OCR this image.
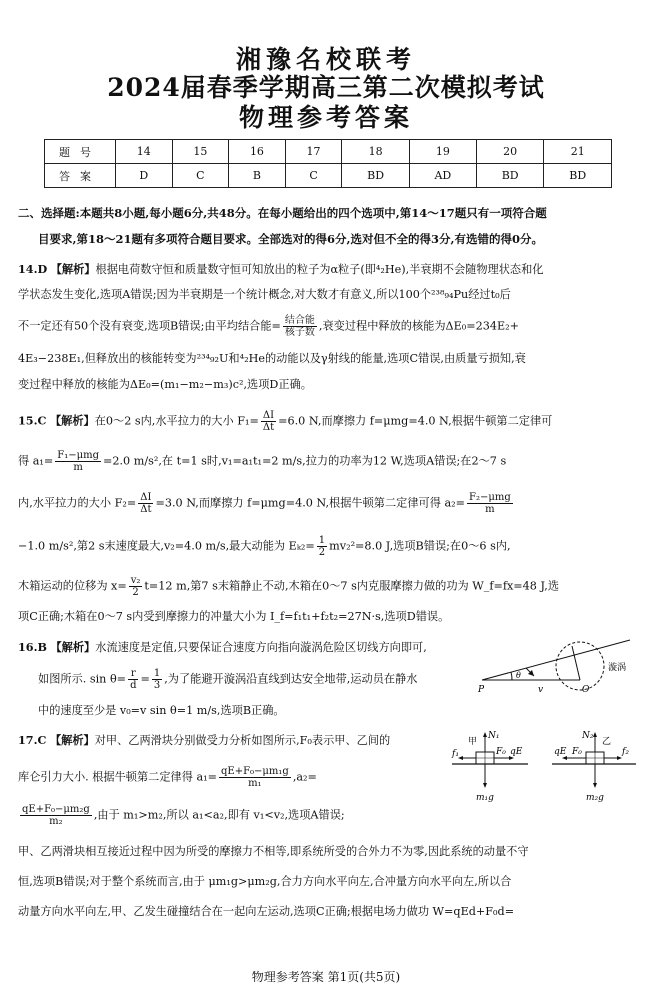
湘豫名校联考
2024届春季学期高三第二次模拟考试
物理参考答案
题号	14	15	16	17	18	19	20	21
答案	D	C	B	C	BD	AD	BD	BD
二、选择题:本题共8小题,每小题6分,共48分。在每小题给出的四个选项中,第14～17题只有一项符合题
目要求,第18～21题有多项符合题目要求。全部选对的得6分,选对但不全的得3分,有选错的得0分。
14.D 【解析】根据电荷数守恒和质量数守恒可知放出的粒子为α粒子(即⁴₂He),半衰期不会随物理状态和化
学状态发生变化,选项A错误;因为半衰期是一个统计概念,对大数才有意义,所以100个²³⁸₉₄Pu经过t₀后
不一定还有50个没有衰变,选项B错误;由平均结合能= $\frac{\text{结合能}}{\text{核子数}}$ ,衰变过程中释放的核能为ΔE₀=234E₂+
4E₃−238E₁,但释放出的核能转变为²³⁴₉₂U和⁴₂He的动能以及γ射线的能量,选项C错误,由质量亏损知,衰
变过程中释放的核能为ΔE₀=(m₁−m₂−m₃)c²,选项D正确。
15.C 【解析】在0～2 s内,水平拉力的大小 $F_1= \frac{\Delta I}{\Delta t} =6.0$ N,而摩擦力 f=μmg=4.0 N,根据牛顿第二定律可
得 $a_1= \frac{\text{F₁−μmg}}{m} =2.0$ m/s²,在 t=1 s时,v₁=a₁t₁=2 m/s,拉力的功率为12 W,选项A错误;在2～7 s
内,水平拉力的大小 $F_2= \frac{\Delta I}{\Delta t} =3.0$ N,而摩擦力 f=μmg=4.0 N,根据牛顿第二定律可得 $a_2= \frac{\text{F₂−μmg}}{m}$
−1.0 m/s²,第2 s末速度最大,v₂=4.0 m/s,最大动能为 $E_{k2}= \frac{1}{2} mv_2^2=8.0$ J,选项B错误;在0～6 s内,
木箱运动的位移为 $x= \frac{\text{v₂}}{2} t=12$ m,第7 s末箱静止不动,木箱在0～7 s内克服摩擦力做的功为 W_f=fx=48 J,选
项C正确;木箱在0～7 s内受到摩擦力的冲量大小为 I_f=f₁t₁+f₂t₂=27N·s,选项D错误。
16.B 【解析】水流速度是定值,只要保证合速度方向指向漩涡危险区切线方向即可,
如图所示. $\sin \theta= \frac{r}{d} = \frac{1}{3}$ ,为了能避开漩涡沿直线到达安全地带,运动员在静水
中的速度至少是 v₀=v sin θ=1 m/s,选项B正确。
P
θ
v	O
漩涡
17.C 【解析】对甲、乙两滑块分别做受力分析如图所示,F₀表示甲、乙间的
库仑引力大小. 根据牛顿第二定律得 $a_1= \frac{\text{qE+F₀−μm₁g}}{\text{m₁}} ,a_2=$
$\frac{\text{qE+F₀−μm₂g}}{\text{m₂}}$ ,由于 m₁>m₂,所以 a₁<a₂,即有 v₁<v₂,选项A错误;
甲、乙两滑块相互接近过程中因为所受的摩擦力不相等,即系统所受的合外力不为零,因此系统的动量不守
恒,选项B错误;对于整个系统而言,由于 μm₁g>μm₂g,合力方向水平向左,合冲量方向水平向左,所以合
动量方向水平向左,甲、乙发生碰撞结合在一起向左运动,选项C正确;根据电场力做功 W=qEd+F₀d=
f₁
N₁
甲
F₀ qE
m₁g
qE F₀
N₂
乙
f₂
m₂g
物理参考答案 第1页(共5页)
